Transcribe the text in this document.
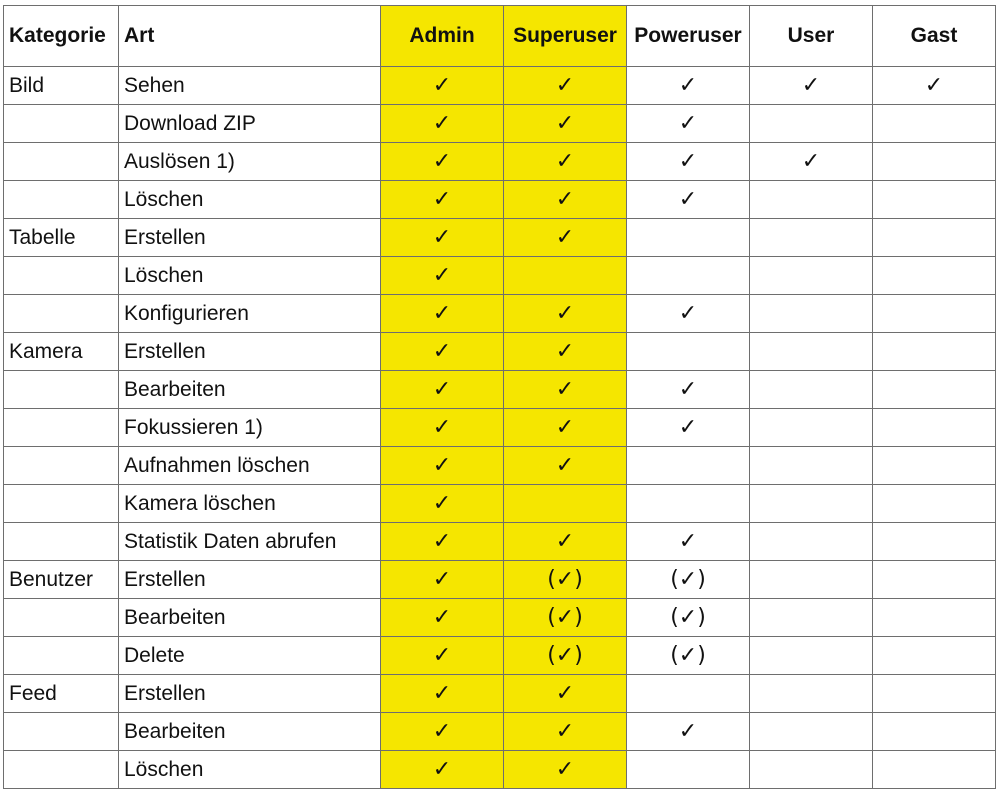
Kategorie	Art	Admin	Superuser	Poweruser	User	Gast
Bild	Sehen	✓	✓	✓	✓	✓
	Download ZIP	✓	✓	✓		
	Auslösen 1)	✓	✓	✓	✓	
	Löschen	✓	✓	✓		
Tabelle	Erstellen	✓	✓			
	Löschen	✓				
	Konfigurieren	✓	✓	✓		
Kamera	Erstellen	✓	✓			
	Bearbeiten	✓	✓	✓		
	Fokussieren 1)	✓	✓	✓		
	Aufnahmen löschen	✓	✓			
	Kamera löschen	✓				
	Statistik Daten abrufen	✓	✓	✓		
Benutzer	Erstellen	✓	(✓)	(✓)		
	Bearbeiten	✓	(✓)	(✓)		
	Delete	✓	(✓)	(✓)		
Feed	Erstellen	✓	✓			
	Bearbeiten	✓	✓	✓		
	Löschen	✓	✓			
